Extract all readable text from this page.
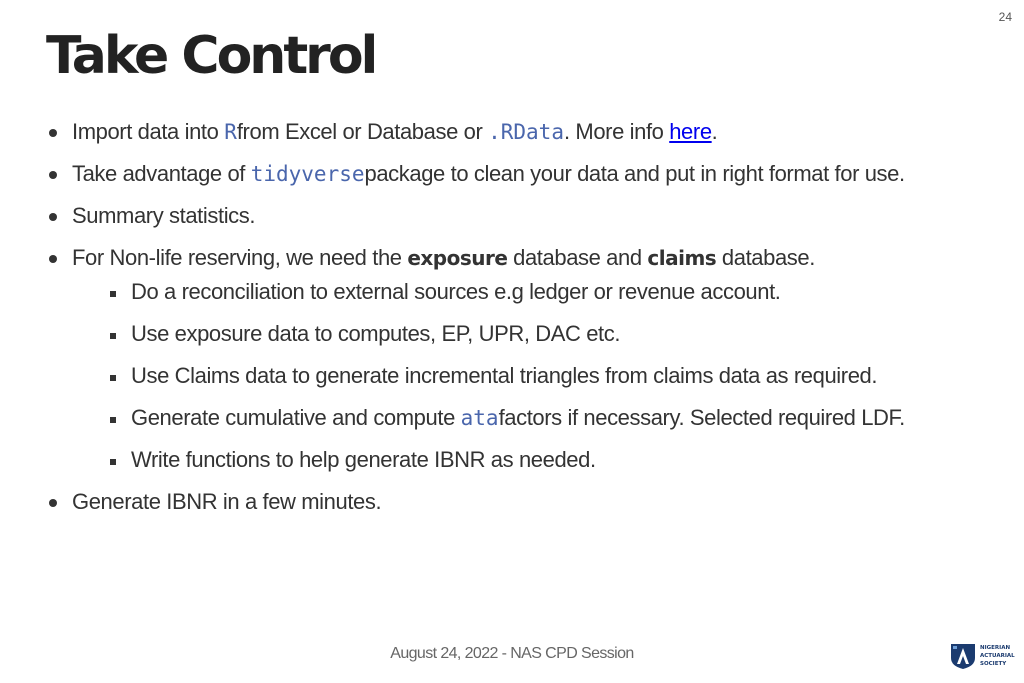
24
Take Control
Import data into Rfrom Excel or Database or .RData. More info here.
Take advantage of tidyversepackage to clean your data and put in right format for use.
Summary statistics.
For Non-life reserving, we need the exposure database and claims database.
Do a reconciliation to external sources e.g ledger or revenue account.
Use exposure data to computes, EP, UPR, DAC etc.
Use Claims data to generate incremental triangles from claims data as required.
Generate cumulative and compute atafactors if necessary. Selected required LDF.
Write functions to help generate IBNR as needed.
Generate IBNR in a few minutes.
August 24, 2022 - NAS CPD Session	NIGERIAN
ACTUARIAL
SOCIETY
